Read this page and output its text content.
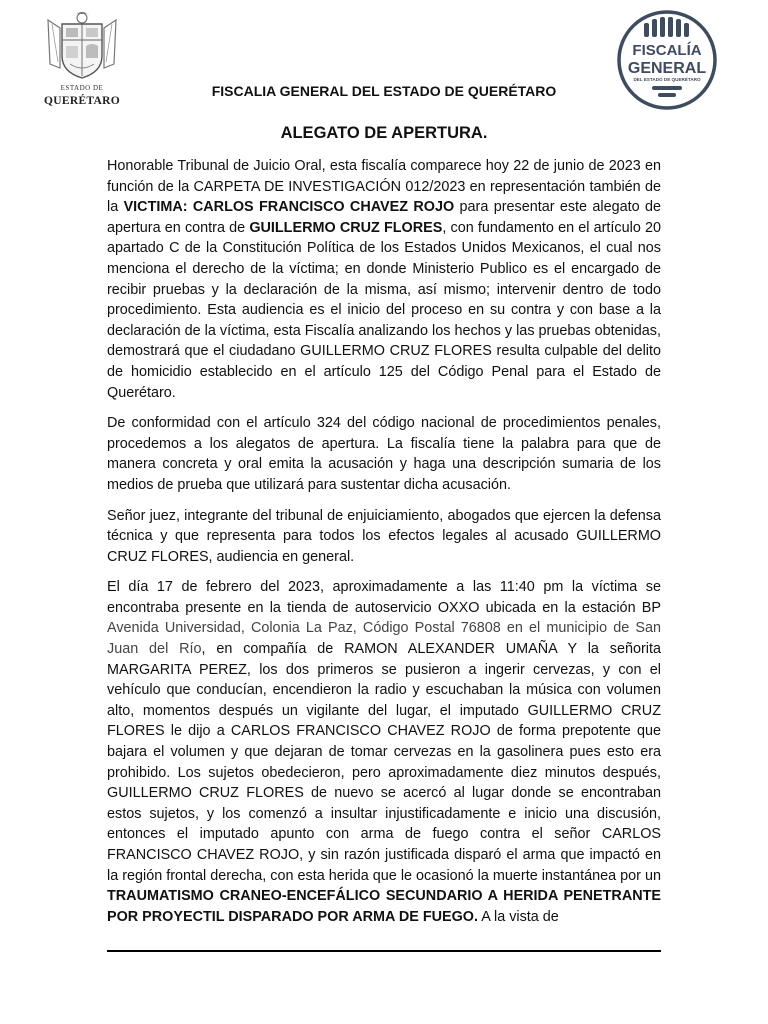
ESTADO DE
QUERÉTARO
FISCALÍA
GENERAL
DEL ESTADO DE QUERÉTARO
FISCALIA GENERAL DEL ESTADO DE QUERÉTARO
ALEGATO DE APERTURA.

Honorable Tribunal de Juicio Oral, esta fiscalía comparece hoy 22 de junio de 2023 en función de la CARPETA DE INVESTIGACIÓN 012/2023 en representación también de la VICTIMA: CARLOS FRANCISCO CHAVEZ ROJO para presentar este alegato de apertura en contra de GUILLERMO CRUZ FLORES, con fundamento en el artículo 20 apartado C de la Constitución Política de los Estados Unidos Mexicanos, el cual nos menciona el derecho de la víctima; en donde Ministerio Publico es el encargado de recibir pruebas y la declaración de la misma, así mismo; intervenir dentro de todo procedimiento. Esta audiencia es el inicio del proceso en su contra y con base a la declaración de la víctima, esta Fiscalía analizando los hechos y las pruebas obtenidas, demostrará que el ciudadano GUILLERMO CRUZ FLORES resulta culpable del delito de homicidio establecido en el artículo 125 del Código Penal para el Estado de Querétaro.

De conformidad con el artículo 324 del código nacional de procedimientos penales, procedemos a los alegatos de apertura. La fiscalía tiene la palabra para que de manera concreta y oral emita la acusación y haga una descripción sumaria de los medios de prueba que utilizará para sustentar dicha acusación.

Señor juez, integrante del tribunal de enjuiciamiento, abogados que ejercen la defensa técnica y que representa para todos los efectos legales al acusado GUILLERMO CRUZ FLORES, audiencia en general.

El día 17 de febrero del 2023, aproximadamente a las 11:40 pm la víctima se encontraba presente en la tienda de autoservicio OXXO ubicada en la estación BP Avenida Universidad, Colonia La Paz, Código Postal 76808 en el municipio de San Juan del Río, en compañía de RAMON ALEXANDER UMAÑA Y la señorita MARGARITA PEREZ, los dos primeros se pusieron a ingerir cervezas, y con el vehículo que conducían, encendieron la radio y escuchaban la música con volumen alto, momentos después un vigilante del lugar, el imputado GUILLERMO CRUZ FLORES le dijo a CARLOS FRANCISCO CHAVEZ ROJO de forma prepotente que bajara el volumen y que dejaran de tomar cervezas en la gasolinera pues esto era prohibido. Los sujetos obedecieron, pero aproximadamente diez minutos después, GUILLERMO CRUZ FLORES de nuevo se acercó al lugar donde se encontraban estos sujetos, y los comenzó a insultar injustificadamente e inicio una discusión, entonces el imputado apunto con arma de fuego contra el señor CARLOS FRANCISCO CHAVEZ ROJO, y sin razón justificada disparó el arma que impactó en la región frontal derecha, con esta herida que le ocasionó la muerte instantánea por un TRAUMATISMO CRANEO-ENCEFÁLICO SECUNDARIO A HERIDA PENETRANTE POR PROYECTIL DISPARADO POR ARMA DE FUEGO. A la vista de
